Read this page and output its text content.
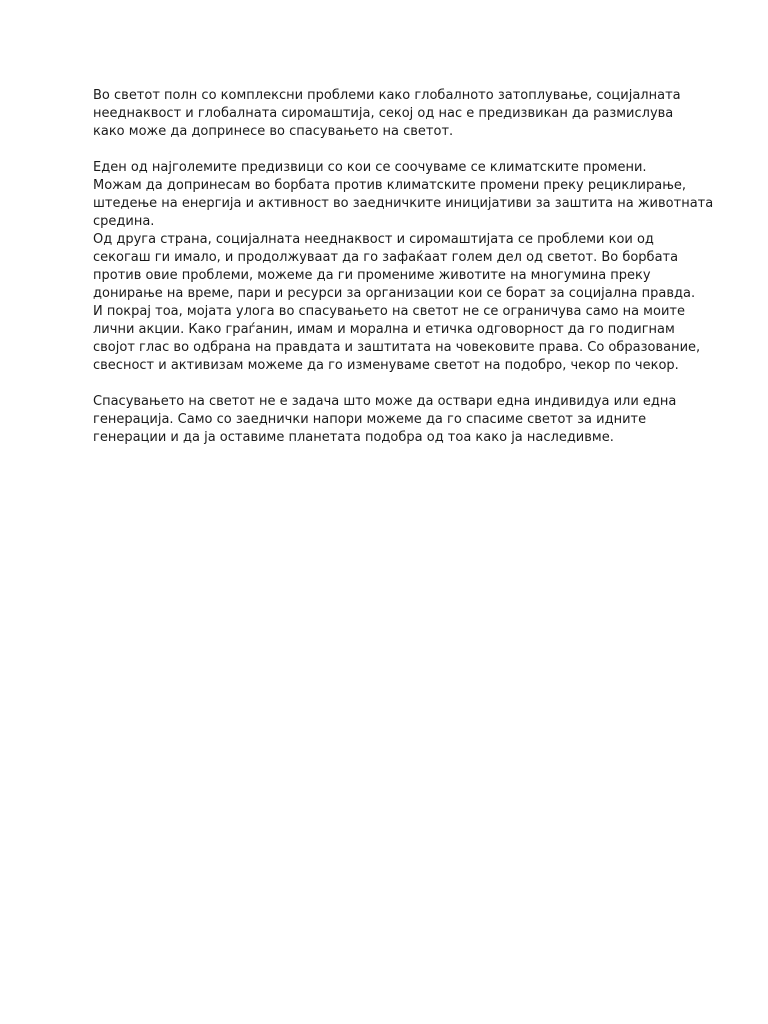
Во светот полн со комплексни проблеми како глобалното затоплување, социјалната

нееднаквост и глобалната сиромаштија, секој од нас е предизвикан да размислува

како може да допринесе во спасувањето на светот.

Еден од најголемите предизвици со кои се соочуваме се климатските промени.

Можам да допринесам во борбата против климатските промени преку рециклирање,

штедење на енергија и активност во заедничките иницијативи за заштита на животната

средина.

Од друга страна, социјалната нееднаквост и сиромаштијата се проблеми кои од

секогаш ги имало, и продолжуваат да го зафаќаат голем дел од светот. Во борбата

против овие проблеми, можеме да ги промениме животите на многумина преку

донирање на време, пари и ресурси за организации кои се борат за социјална правда.

И покрај тоа, мојата улога во спасувањето на светот не се ограничува само на моите

лични акции. Како граѓанин, имам и морална и етичка одговорност да го подигнам

својот глас во одбрана на правдата и заштитата на човековите права. Со образование,

свесност и активизам можеме да го изменуваме светот на подобро, чекор по чекор.

Спасувањето на светот не е задача што може да оствари една индивидуа или една

генерација. Само со заеднички напори можеме да го спасиме светот за идните

генерации и да ја оставиме планетата подобра од тоа како ја наследивме.
